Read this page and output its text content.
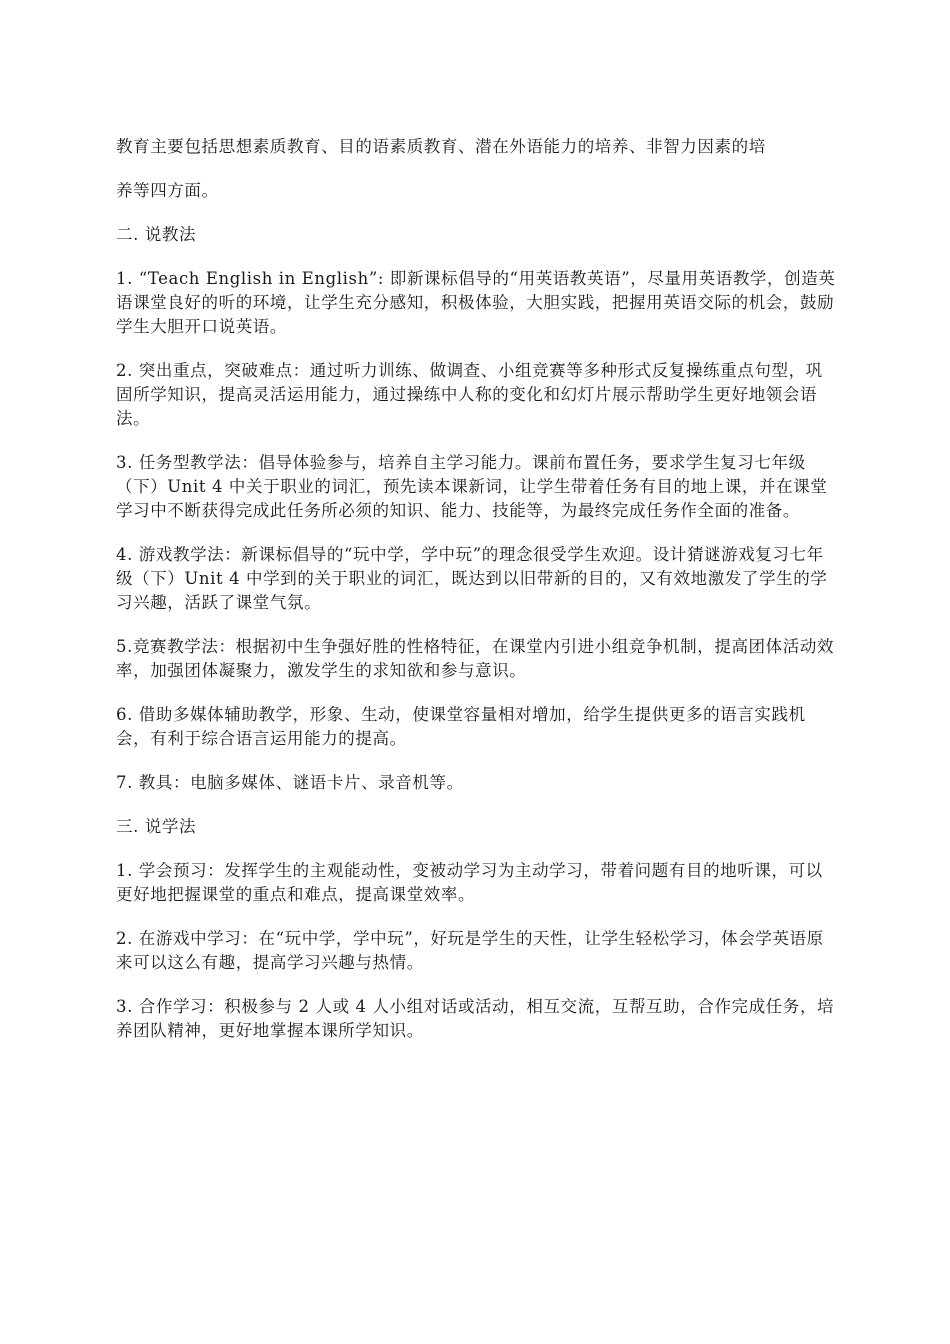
教育主要包括思想素质教育、目的语素质教育、潜在外语能力的培养、非智力因素的培

养等四方面。

二. 说教法

1. “Teach English in English”: 即新课标倡导的“用英语教英语”，尽量用英语教学，创造英语课堂良好的听的环境，让学生充分感知，积极体验，大胆实践，把握用英语交际的机会，鼓励学生大胆开口说英语。

2. 突出重点，突破难点：通过听力训练、做调查、小组竞赛等多种形式反复操练重点句型，巩固所学知识，提高灵活运用能力，通过操练中人称的变化和幻灯片展示帮助学生更好地领会语法。

3. 任务型教学法：倡导体验参与，培养自主学习能力。课前布置任务，要求学生复习七年级（下）Unit 4 中关于职业的词汇，预先读本课新词，让学生带着任务有目的地上课，并在课堂学习中不断获得完成此任务所必须的知识、能力、技能等，为最终完成任务作全面的准备。

4. 游戏教学法：新课标倡导的“玩中学，学中玩”的理念很受学生欢迎。设计猜谜游戏复习七年级（下）Unit 4 中学到的关于职业的词汇，既达到以旧带新的目的，又有效地激发了学生的学习兴趣，活跃了课堂气氛。

5.竞赛教学法：根据初中生争强好胜的性格特征，在课堂内引进小组竞争机制，提高团体活动效率，加强团体凝聚力，激发学生的求知欲和参与意识。

6. 借助多媒体辅助教学，形象、生动，使课堂容量相对增加，给学生提供更多的语言实践机会，有利于综合语言运用能力的提高。

7. 教具：电脑多媒体、谜语卡片、录音机等。

三. 说学法

1. 学会预习：发挥学生的主观能动性，变被动学习为主动学习，带着问题有目的地听课，可以更好地把握课堂的重点和难点，提高课堂效率。

2. 在游戏中学习：在“玩中学，学中玩”，好玩是学生的天性，让学生轻松学习，体会学英语原来可以这么有趣，提高学习兴趣与热情。

3. 合作学习：积极参与 2 人或 4 人小组对话或活动，相互交流，互帮互助，合作完成任务，培养团队精神，更好地掌握本课所学知识。
